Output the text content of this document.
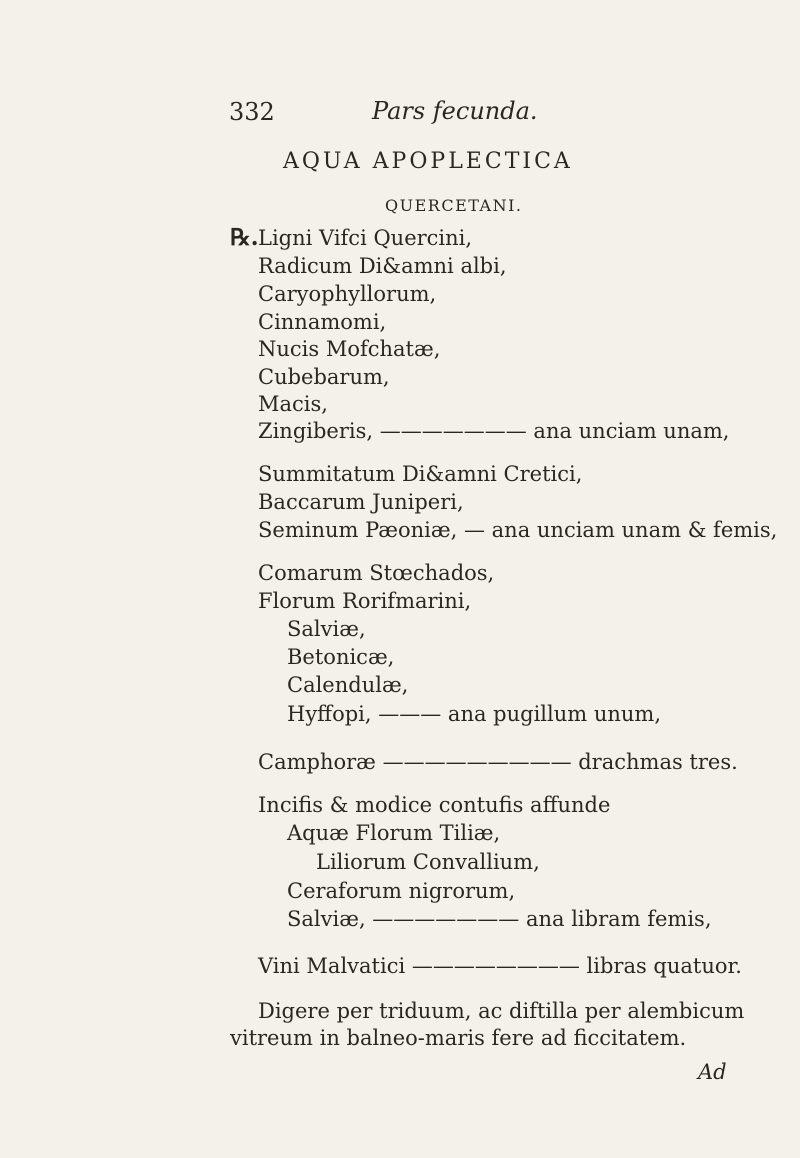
332	Pars fecunda.
AQUA APOPLECTICA
QUERCETANI.
℞. Ligni Vifci Quercini,
Radicum Di&amni albi,
Caryophyllorum,
Cinnamomi,
Nucis Mofchatæ,
Cubebarum,
Macis,
Zingiberis, ——————— ana unciam unam,
Summitatum Di&amni Cretici,
Baccarum Juniperi,
Seminum Pæoniæ, — ana unciam unam & femis,
Comarum Stœchados,
Florum Rorifmarini,
Salviæ,
Betonicæ,
Calendulæ,
Hyffopi, ——— ana pugillum unum,
Camphoræ ————————— drachmas tres.
Incifis & modice contufis affunde
Aquæ Florum Tiliæ,
Liliorum Convallium,
Ceraforum nigrorum,
Salviæ, ——————— ana libram femis,
Vini Malvatici ———————— libras quatuor.
Digere per triduum, ac diftilla per alembicum
vitreum in balneo-maris fere ad ficcitatem.
Ad
